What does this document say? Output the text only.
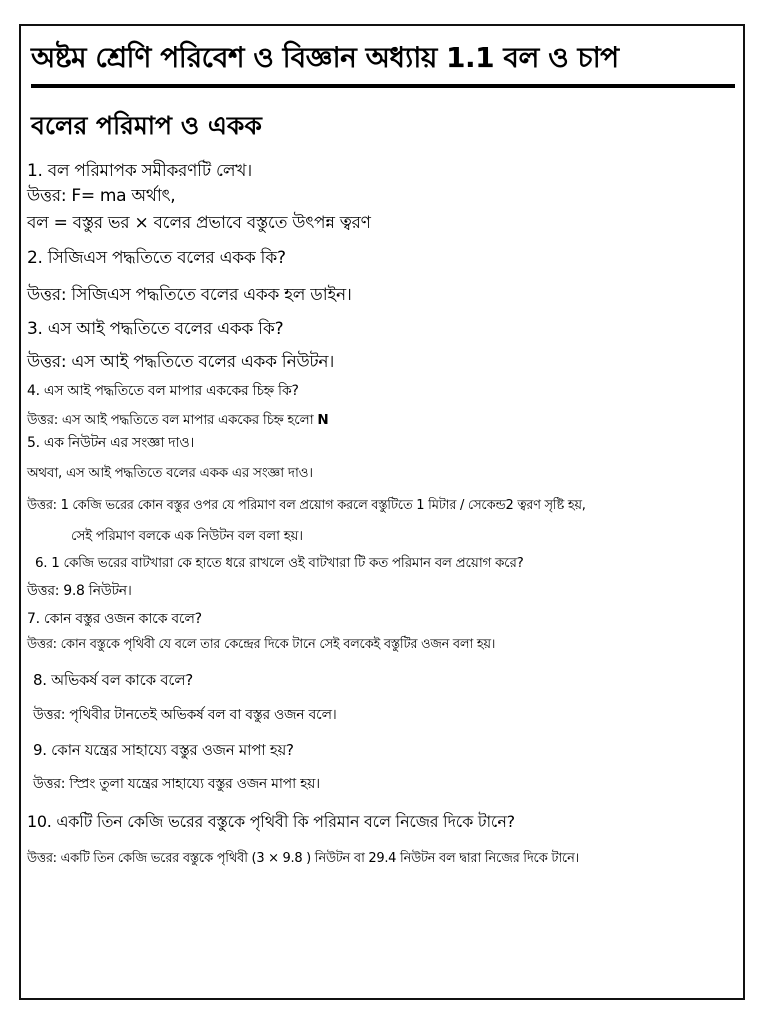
অষ্টম শ্রেণি পরিবেশ ও বিজ্ঞান অধ্যায় 1.1 বল ও চাপ
বলের পরিমাপ ও একক
1. বল পরিমাপক সমীকরণটি লেখ।
উত্তর: F= ma অর্থাৎ,
বল = বস্তুর ভর × বলের প্রভাবে বস্তুতে উৎপন্ন ত্বরণ
2. সিজিএস পদ্ধতিতে বলের একক কি?
উত্তর: সিজিএস পদ্ধতিতে বলের একক হল ডাইন।
3. এস আই পদ্ধতিতে বলের একক কি?
উত্তর: এস আই পদ্ধতিতে বলের একক নিউটন।
4. এস আই পদ্ধতিতে বল মাপার এককের চিহ্ন কি?
উত্তর: এস আই পদ্ধতিতে বল মাপার এককের চিহ্ন হলো N
5. এক নিউটন এর সংজ্ঞা দাও।
অথবা, এস আই পদ্ধতিতে বলের একক এর সংজ্ঞা দাও।
উত্তর: 1 কেজি ভরের কোন বস্তুর ওপর যে পরিমাণ বল প্রয়োগ করলে বস্তুটিতে 1 মিটার / সেকেন্ড2 ত্বরণ সৃষ্টি হয়,
সেই পরিমাণ বলকে এক নিউটন বল বলা হয়।
6. 1 কেজি ভরের বাটখারা কে হাতে ধরে রাখলে ওই বাটখারা টি কত পরিমান বল প্রয়োগ করে?
উত্তর: 9.8 নিউটন।
7. কোন বস্তুর ওজন কাকে বলে?
উত্তর: কোন বস্তুকে পৃথিবী যে বলে তার কেন্দ্রের দিকে টানে সেই বলকেই বস্তুটির ওজন বলা হয়।
8. অভিকর্ষ বল কাকে বলে?
উত্তর: পৃথিবীর টানতেই অভিকর্ষ বল বা বস্তুর ওজন বলে।
9. কোন যন্ত্রের সাহায্যে বস্তুর ওজন মাপা হয়?
উত্তর: স্প্রিং তুলা যন্ত্রের সাহায্যে বস্তুর ওজন মাপা হয়।
10. একটি তিন কেজি ভরের বস্তুকে পৃথিবী কি পরিমান বলে নিজের দিকে টানে?
উত্তর: একটি তিন কেজি ভরের বস্তুকে পৃথিবী (3 × 9.8 ) নিউটন বা 29.4 নিউটন বল দ্বারা নিজের দিকে টানে।
